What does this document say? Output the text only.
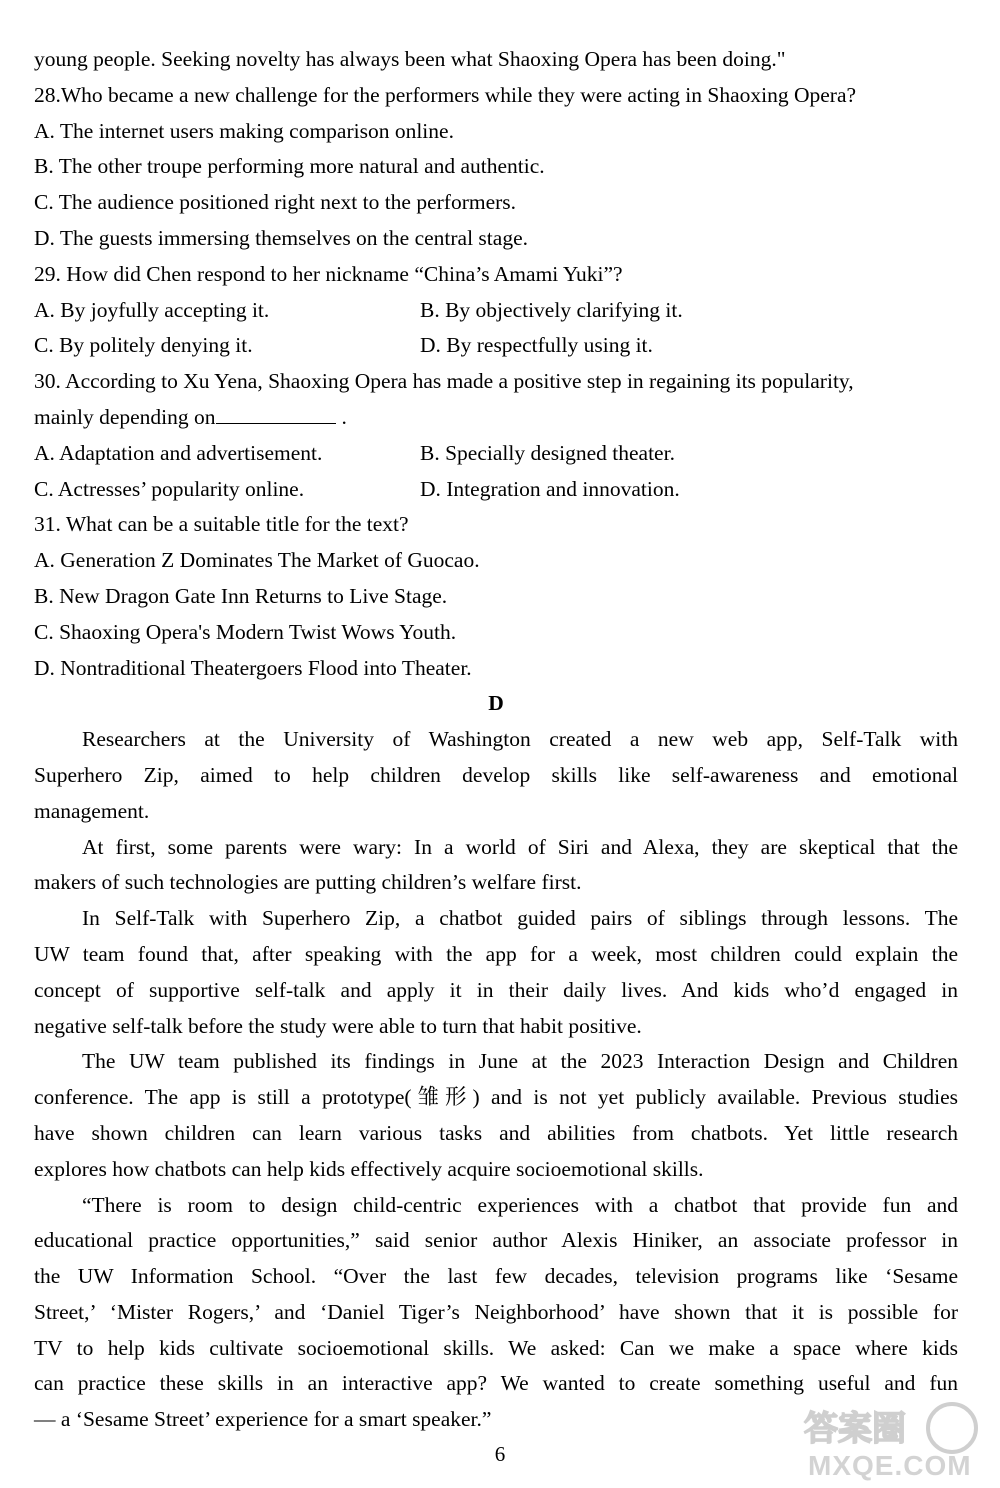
young people. Seeking novelty has always been what Shaoxing Opera has been doing."
28.Who became a new challenge for the performers while they were acting in Shaoxing Opera?
A. The internet users making comparison online.
B. The other troupe performing more natural and authentic.
C. The audience positioned right next to the performers.
D. The guests immersing themselves on the central stage.
29. How did Chen respond to her nickname “China’s Amami Yuki”?
A. By joyfully accepting it.	B. By objectively clarifying it.
C. By politely denying it.	D. By respectfully using it.
30. According to Xu Yena, Shaoxing Opera has made a positive step in regaining its popularity,
mainly depending on	.
A. Adaptation and advertisement.	B. Specially designed theater.
C. Actresses’ popularity online.	D. Integration and innovation.
31. What can be a suitable title for the text?
A. Generation Z Dominates The Market of Guocao.
B. New Dragon Gate Inn Returns to Live Stage.
C. Shaoxing Opera's Modern Twist Wows Youth.
D. Nontraditional Theatergoers Flood into Theater.
D
Researchers at the University of Washington created a new web app, Self-Talk with
Superhero Zip, aimed to help children develop skills like self-awareness and emotional
management.
At first, some parents were wary: In a world of Siri and Alexa, they are skeptical that the
makers of such technologies are putting children’s welfare first.
In Self-Talk with Superhero Zip, a chatbot guided pairs of siblings through lessons. The
UW team found that, after speaking with the app for a week, most children could explain the
concept of supportive self-talk and apply it in their daily lives. And kids who’d engaged in
negative self-talk before the study were able to turn that habit positive.
The UW team published its findings in June at the 2023 Interaction Design and Children
conference. The app is still a prototype(雏形) and is not yet publicly available. Previous studies
have shown children can learn various tasks and abilities from chatbots. Yet little research
explores how chatbots can help kids effectively acquire socioemotional skills.
“There is room to design child-centric experiences with a chatbot that provide fun and
educational practice opportunities,” said senior author Alexis Hiniker, an associate professor in
the UW Information School. “Over the last few decades, television programs like ‘Sesame
Street,’ ‘Mister Rogers,’ and ‘Daniel Tiger’s Neighborhood’ have shown that it is possible for
TV to help kids cultivate socioemotional skills. We asked: Can we make a space where kids
can practice these skills in an interactive app? We wanted to create something useful and fun
— a ‘Sesame Street’ experience for a smart speaker.”
6
答案圈
MXQE.COM
